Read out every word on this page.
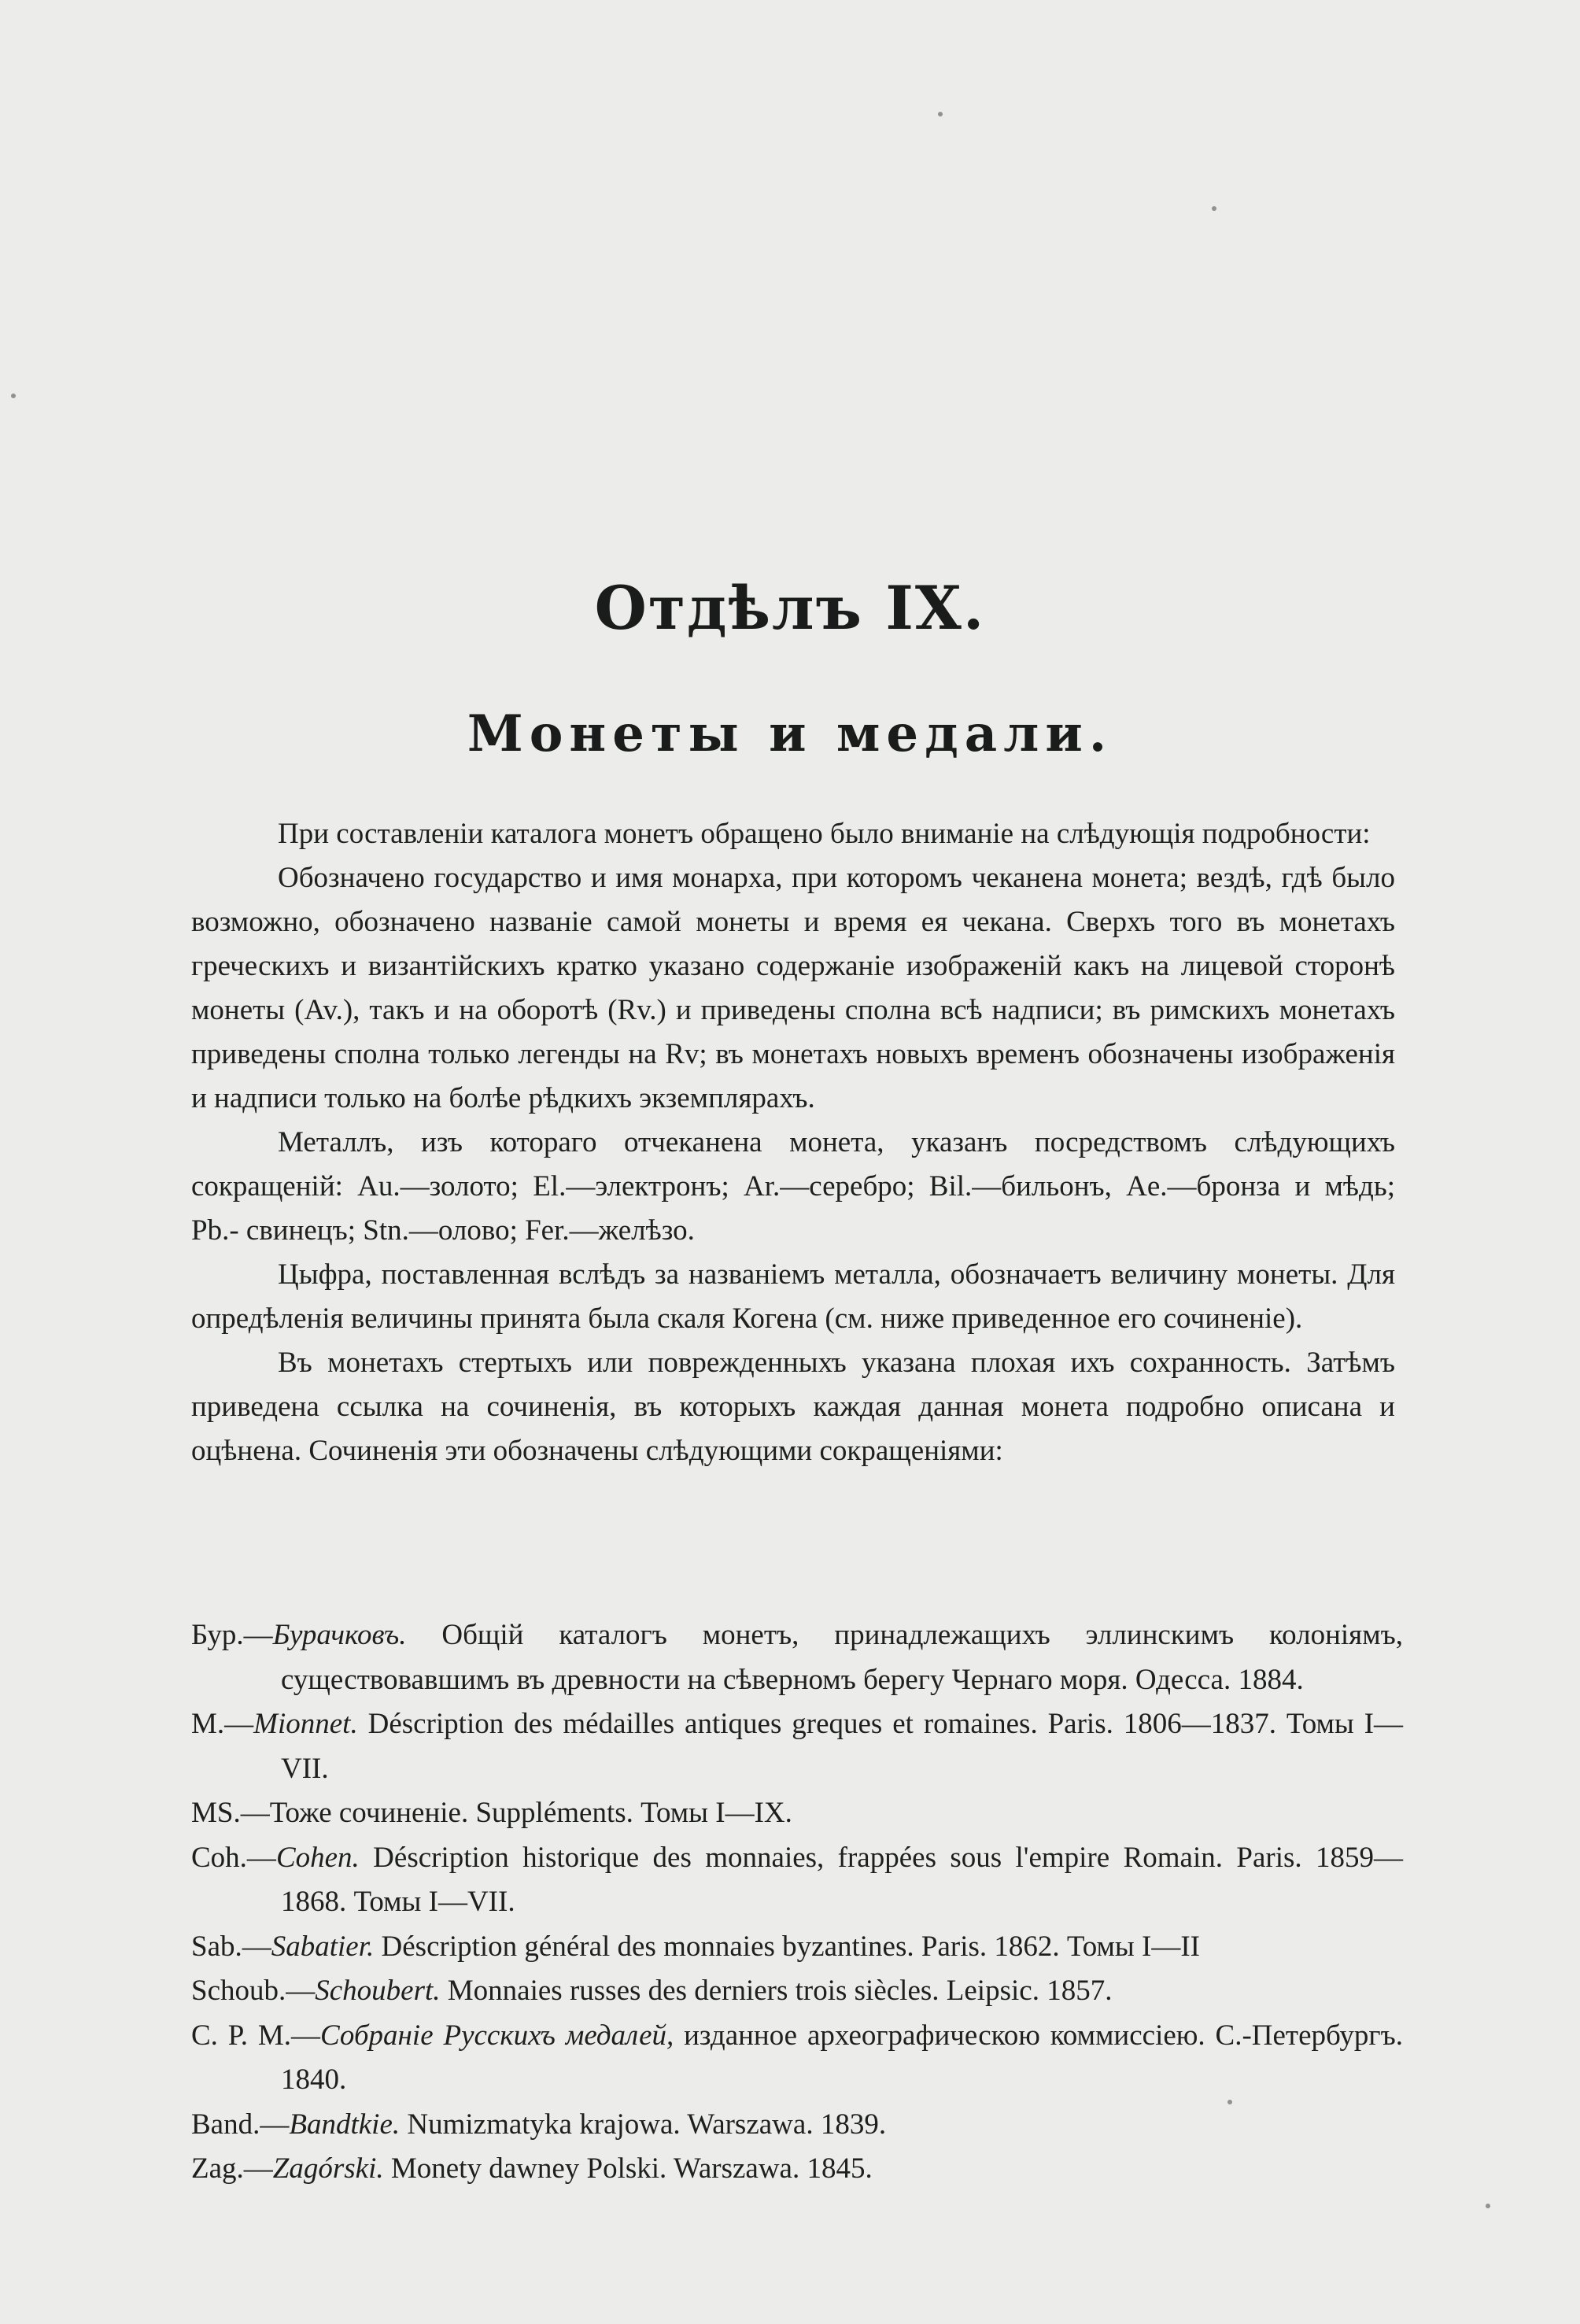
Отдѣлъ IX.
Монеты и медали.

При составленіи каталога монетъ обращено было вниманіе на слѣдующія подробности:

Обозначено государство и имя монарха, при которомъ чеканена монета; вездѣ, гдѣ было возможно, обозначено названіе самой монеты и время ея чекана. Сверхъ того въ монетахъ греческихъ и византійскихъ кратко указано содержаніе изображеній какъ на лицевой сторонѣ монеты (Av.), такъ и на оборотѣ (Rv.) и приведены сполна всѣ надписи; въ римскихъ монетахъ приведены сполна только легенды на Rv; въ монетахъ новыхъ временъ обозначены изображенія и надписи только на болѣе рѣдкихъ экземплярахъ.

Металлъ, изъ котораго отчеканена монета, указанъ посредствомъ слѣдующихъ сокращеній: Au.—золото; El.—электронъ; Ar.—серебро; Bil.—бильонъ, Ae.—бронза и мѣдь; Pb.- свинецъ; Stn.—олово; Fer.—желѣзо.

Цыфра, поставленная вслѣдъ за названіемъ металла, обозначаетъ величину монеты. Для опредѣленія величины принята была скаля Когена (см. ниже приведенное его сочиненіе).

Въ монетахъ стертыхъ или поврежденныхъ указана плохая ихъ сохранность. Затѣмъ приведена ссылка на сочиненія, въ которыхъ каждая данная монета подробно описана и оцѣнена. Сочиненія эти обозначены слѣдующими сокращеніями:

Бур.—Бурачковъ. Общій каталогъ монетъ, принадлежащихъ эллинскимъ колоніямъ, существовавшимъ въ древности на сѣверномъ берегу Чернаго моря. Одесса. 1884.

M.—Mionnet. Déscription des médailles antiques greques et romaines. Paris. 1806—1837. Томы I—VII.

MS.—Тоже сочиненіе. Suppléments. Томы I—IX.

Coh.—Cohen. Déscription historique des monnaies, frappées sous l'empire Romain. Paris. 1859—1868. Томы I—VII.

Sab.—Sabatier. Déscription général des monnaies byzantines. Paris. 1862. Томы I—II

Schoub.—Schoubert. Monnaies russes des derniers trois siècles. Leipsic. 1857.

С. Р. М.—Собраніе Русскихъ медалей, изданное археографическою коммиссіею. С.-Петербургъ. 1840.

Band.—Bandtkie. Numizmatyka krajowa. Warszawa. 1839.

Zag.—Zagórski. Monety dawney Polski. Warszawa. 1845.
